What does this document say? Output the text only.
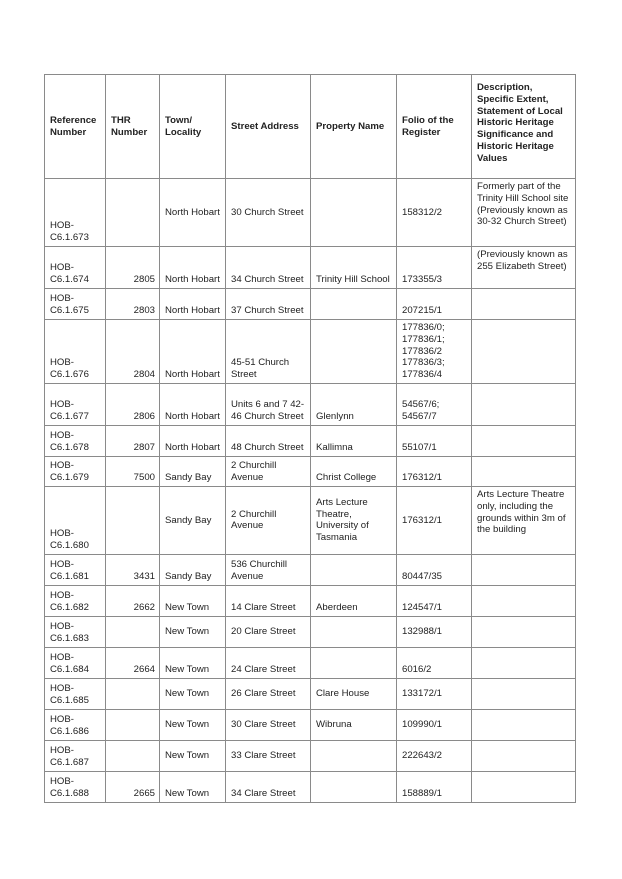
Reference Number	THR Number	Town/ Locality	Street Address	Property Name	Folio of the Register	Description, Specific Extent, Statement of Local Historic Heritage Significance and Historic Heritage Values
HOB-C6.1.673		North Hobart	30 Church Street		158312/2	Formerly part of the Trinity Hill School site (Previously known as 30-32 Church Street)
HOB-C6.1.674	2805	North Hobart	34 Church Street	Trinity Hill School	173355/3	(Previously known as 255 Elizabeth Street)
HOB-C6.1.675	2803	North Hobart	37 Church Street		207215/1	
HOB-C6.1.676	2804	North Hobart	45-51 Church Street		177836/0; 177836/1; 177836/2 177836/3; 177836/4	
HOB-C6.1.677	2806	North Hobart	Units 6 and 7 42-46 Church Street	Glenlynn	54567/6; 54567/7	
HOB-C6.1.678	2807	North Hobart	48 Church Street	Kallimna	55107/1	
HOB-C6.1.679	7500	Sandy Bay	2 Churchill Avenue	Christ College	176312/1	
HOB-C6.1.680		Sandy Bay	2 Churchill Avenue	Arts Lecture Theatre, University of Tasmania	176312/1	Arts Lecture Theatre only, including the grounds within 3m of the building
HOB-C6.1.681	3431	Sandy Bay	536 Churchill Avenue		80447/35	
HOB-C6.1.682	2662	New Town	14 Clare Street	Aberdeen	124547/1	
HOB-C6.1.683		New Town	20 Clare Street		132988/1	
HOB-C6.1.684	2664	New Town	24 Clare Street		6016/2	
HOB-C6.1.685		New Town	26 Clare Street	Clare House	133172/1	
HOB-C6.1.686		New Town	30 Clare Street	Wibruna	109990/1	
HOB-C6.1.687		New Town	33 Clare Street		222643/2	
HOB-C6.1.688	2665	New Town	34 Clare Street		158889/1	
